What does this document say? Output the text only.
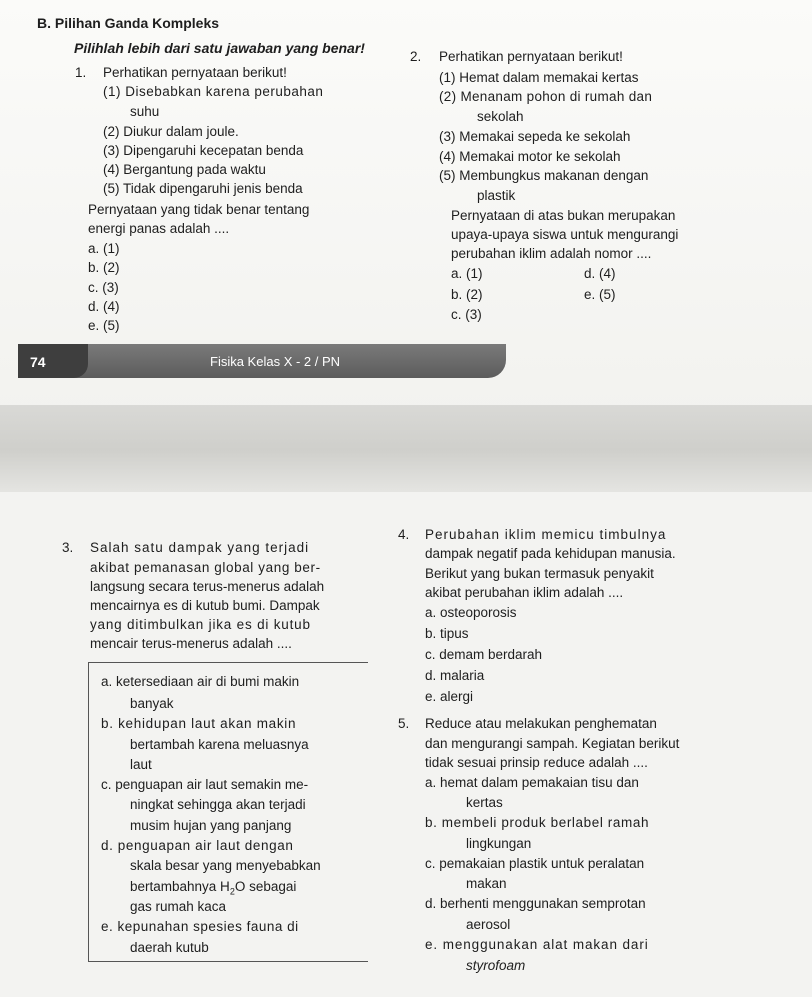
B. Pilihan Ganda Kompleks
Pilihlah lebih dari satu jawaban yang benar!
1. Perhatikan pernyataan berikut!
(1) Disebabkan karena perubahan
suhu
(2) Diukur dalam joule.
(3) Dipengaruhi kecepatan benda
(4) Bergantung pada waktu
(5) Tidak dipengaruhi jenis benda
Pernyataan yang tidak benar tentang
energi panas adalah ....
a. (1)
b. (2)
c. (3)
d. (4)
e. (5)
2. Perhatikan pernyataan berikut!
(1) Hemat dalam memakai kertas
(2) Menanam pohon di rumah dan
sekolah
(3) Memakai sepeda ke sekolah
(4) Memakai motor ke sekolah
(5) Membungkus makanan dengan
plastik
Pernyataan di atas bukan merupakan
upaya-upaya siswa untuk mengurangi
perubahan iklim adalah nomor ....
a. (1)
b. (2)
c. (3)
d. (4)
e. (5)
74	Fisika Kelas X - 2 / PN
3. Salah satu dampak yang terjadi
akibat pemanasan global yang ber-
langsung secara terus-menerus adalah
mencairnya es di kutub bumi. Dampak
yang ditimbulkan jika es di kutub
mencair terus-menerus adalah ....
a. ketersediaan air di bumi makin
banyak
b. kehidupan laut akan makin
bertambah karena meluasnya
laut
c. penguapan air laut semakin me-
ningkat sehingga akan terjadi
musim hujan yang panjang
d. penguapan air laut dengan
skala besar yang menyebabkan
bertambahnya $H_2O$ sebagai
gas rumah kaca
e. kepunahan spesies fauna di
daerah kutub
4. Perubahan iklim memicu timbulnya
dampak negatif pada kehidupan manusia.
Berikut yang bukan termasuk penyakit
akibat perubahan iklim adalah ....
a. osteoporosis
b. tipus
c. demam berdarah
d. malaria
e. alergi
5. Reduce atau melakukan penghematan
dan mengurangi sampah. Kegiatan berikut
tidak sesuai prinsip reduce adalah ....
a. hemat dalam pemakaian tisu dan
kertas
b. membeli produk berlabel ramah
lingkungan
c. pemakaian plastik untuk peralatan
makan
d. berhenti menggunakan semprotan
aerosol
e. menggunakan alat makan dari
styrofoam
